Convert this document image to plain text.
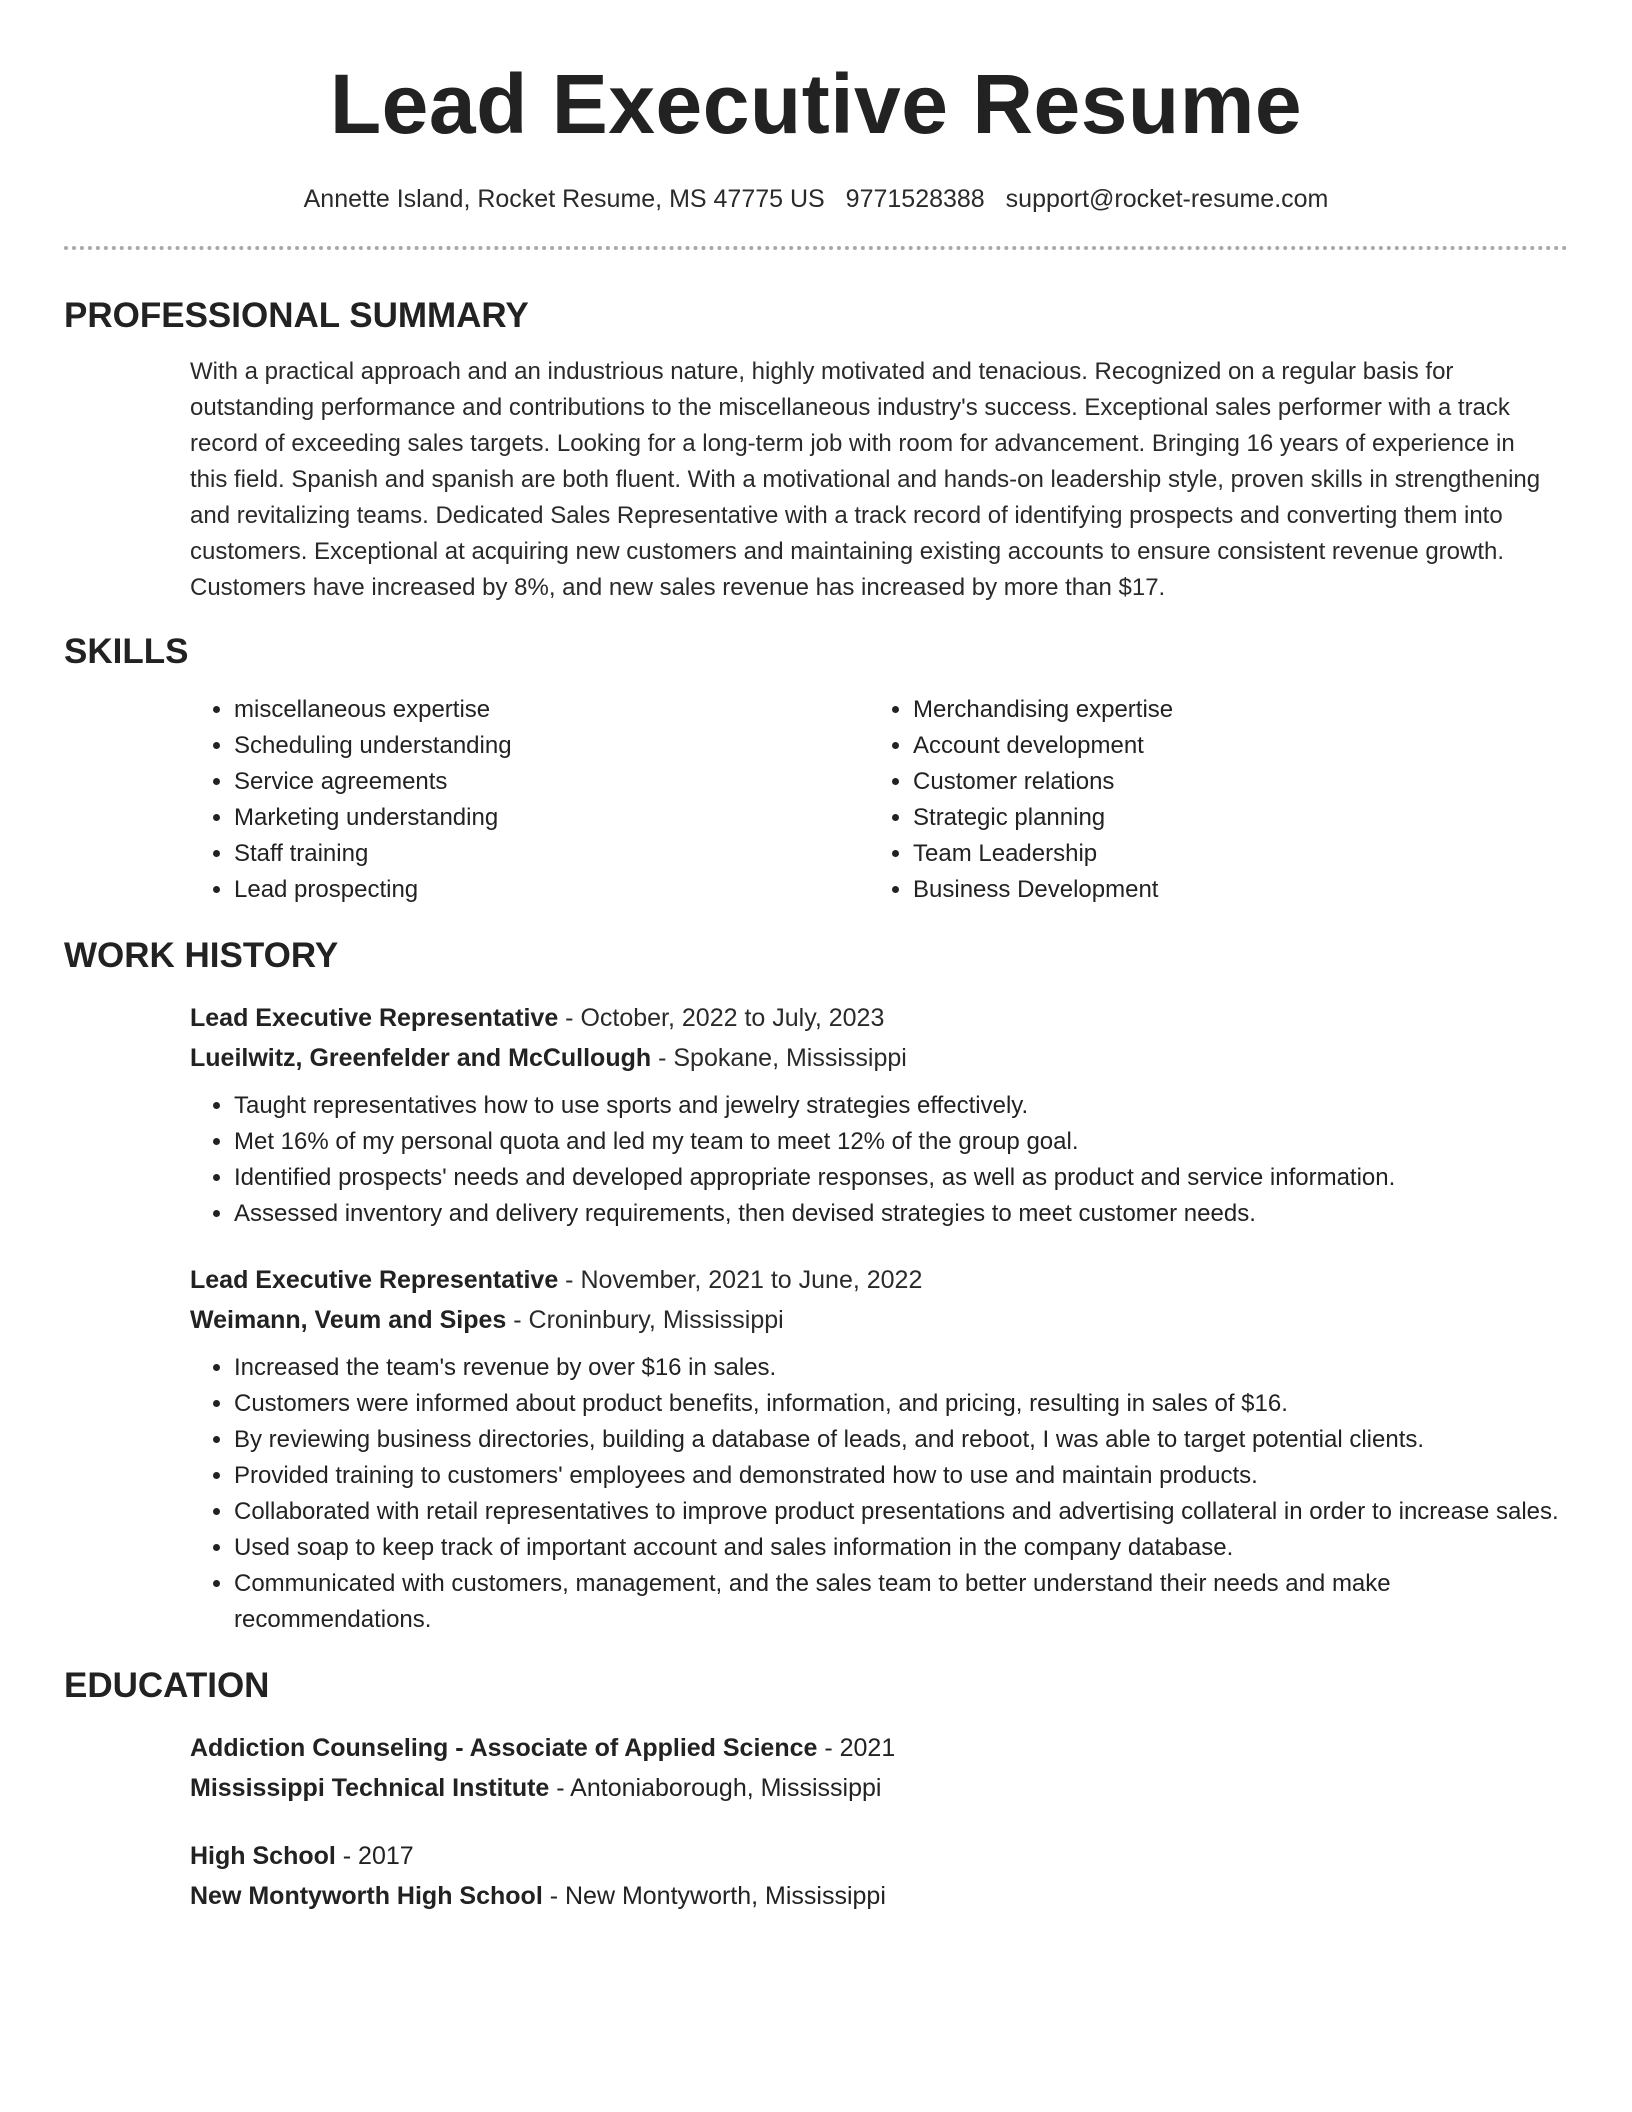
Lead Executive Resume
Annette Island, Rocket Resume, MS 47775 US 9771528388 support@rocket-resume.com
PROFESSIONAL SUMMARY

With a practical approach and an industrious nature, highly motivated and tenacious. Recognized on a regular basis for outstanding performance and contributions to the miscellaneous industry's success. Exceptional sales performer with a track record of exceeding sales targets. Looking for a long-term job with room for advancement. Bringing 16 years of experience in this field. Spanish and spanish are both fluent. With a motivational and hands-on leadership style, proven skills in strengthening and revitalizing teams. Dedicated Sales Representative with a track record of identifying prospects and converting them into customers. Exceptional at acquiring new customers and maintaining existing accounts to ensure consistent revenue growth. Customers have increased by 8%, and new sales revenue has increased by more than $17.

SKILLS
• miscellaneous expertise
• Scheduling understanding
• Service agreements
• Marketing understanding
• Staff training
• Lead prospecting
• Merchandising expertise
• Account development
• Customer relations
• Strategic planning
• Team Leadership
• Business Development
WORK HISTORY
Lead Executive Representative - October, 2022 to July, 2023
Lueilwitz, Greenfelder and McCullough - Spokane, Mississippi
• Taught representatives how to use sports and jewelry strategies effectively.
• Met 16% of my personal quota and led my team to meet 12% of the group goal.
• Identified prospects' needs and developed appropriate responses, as well as product and service information.
• Assessed inventory and delivery requirements, then devised strategies to meet customer needs.
Lead Executive Representative - November, 2021 to June, 2022
Weimann, Veum and Sipes - Croninbury, Mississippi
• Increased the team's revenue by over $16 in sales.
• Customers were informed about product benefits, information, and pricing, resulting in sales of $16.
• By reviewing business directories, building a database of leads, and reboot, I was able to target potential clients.
• Provided training to customers' employees and demonstrated how to use and maintain products.
• Collaborated with retail representatives to improve product presentations and advertising collateral in order to increase sales.
• Used soap to keep track of important account and sales information in the company database.
• Communicated with customers, management, and the sales team to better understand their needs and make recommendations.
EDUCATION
Addiction Counseling - Associate of Applied Science - 2021
Mississippi Technical Institute - Antoniaborough, Mississippi
High School - 2017
New Montyworth High School - New Montyworth, Mississippi
